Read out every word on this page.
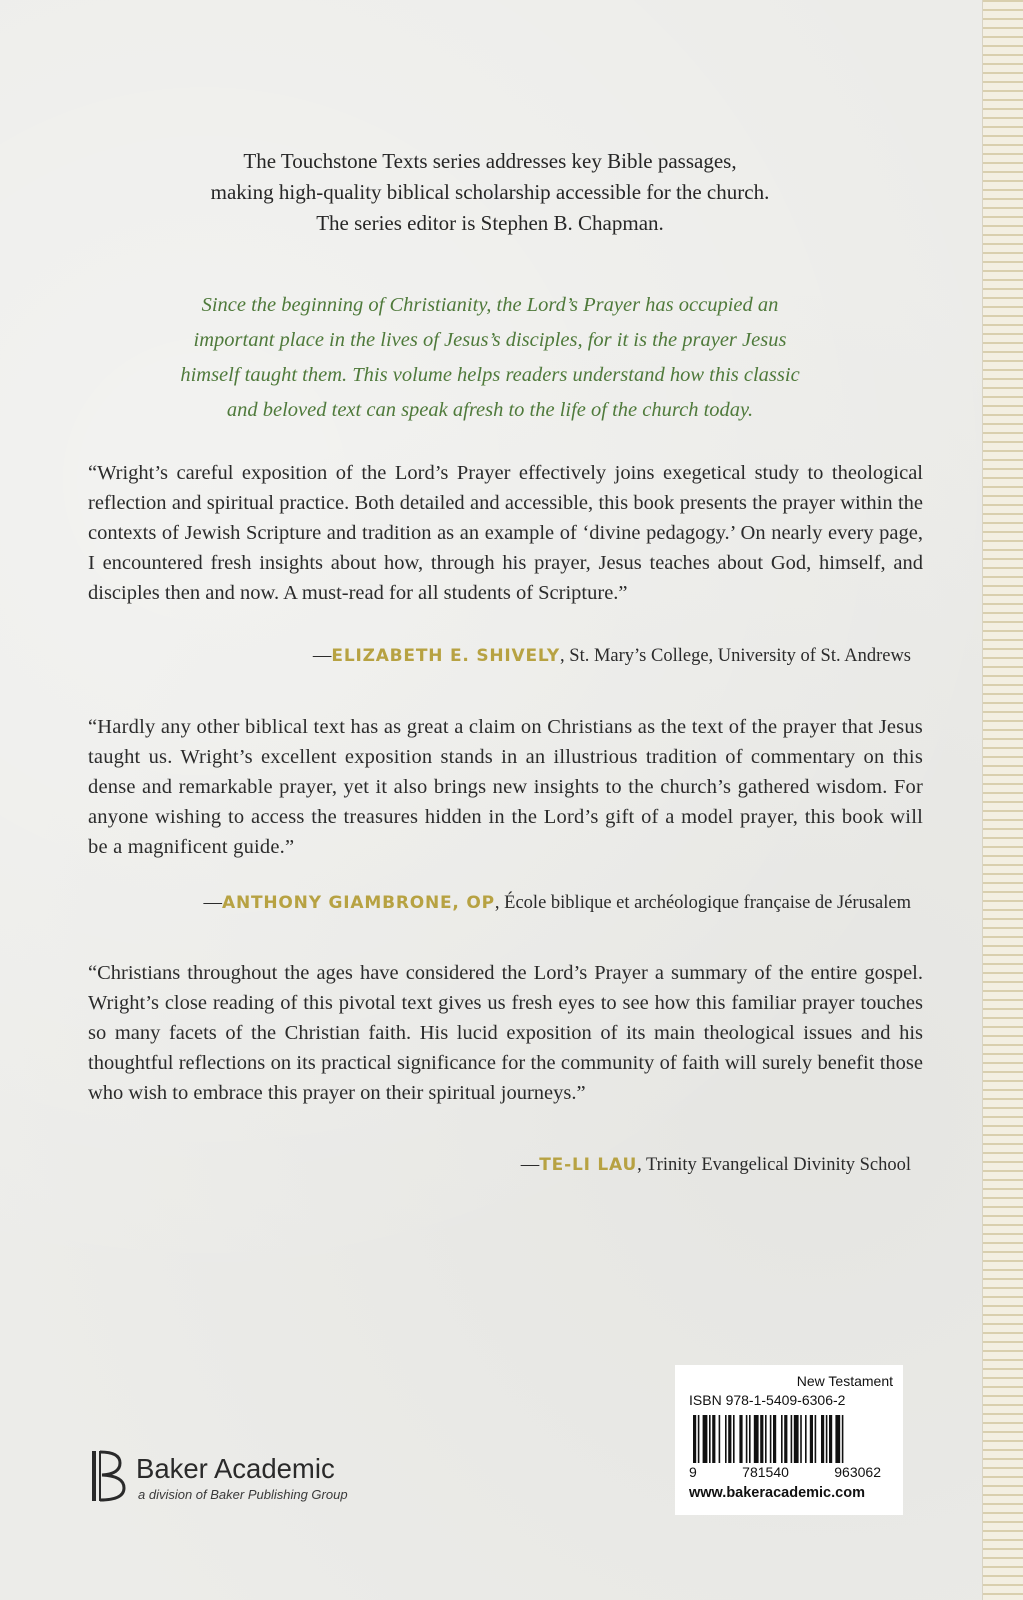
The Touchstone Texts series addresses key Bible passages,
making high-quality biblical scholarship accessible for the church.
The series editor is Stephen B. Chapman.
Since the beginning of Christianity, the Lord’s Prayer has occupied an
important place in the lives of Jesus’s disciples, for it is the prayer Jesus
himself taught them. This volume helps readers understand how this classic
and beloved text can speak afresh to the life of the church today.

“Wright’s careful exposition of the Lord’s Prayer effectively joins exegetical study to theological reflection and spiritual practice. Both detailed and accessible, this book presents the prayer within the contexts of Jewish Scripture and tradition as an example of ‘divine pedagogy.’ On nearly every page, I encountered fresh insights about how, through his prayer, Jesus teaches about God, himself, and disciples then and now. A must-read for all students of Scripture.”

—ELIZABETH E. SHIVELY, St. Mary’s College, University of St. Andrews

“Hardly any other biblical text has as great a claim on Christians as the text of the prayer that Jesus taught us. Wright’s excellent exposition stands in an illustrious tradition of commentary on this dense and remarkable prayer, yet it also brings new insights to the church’s gathered wisdom. For anyone wishing to access the treasures hidden in the Lord’s gift of a model prayer, this book will be a magnificent guide.”

—ANTHONY GIAMBRONE, OP, École biblique et archéologique française de Jérusalem

“Christians throughout the ages have considered the Lord’s Prayer a summary of the entire gospel. Wright’s close reading of this pivotal text gives us fresh eyes to see how this familiar prayer touches so many facets of the Christian faith. His lucid exposition of its main theological issues and his thoughtful reflections on its practical significance for the community of faith will surely benefit those who wish to embrace this prayer on their spiritual journeys.”

—TE-LI LAU, Trinity Evangelical Divinity School
Baker Academic
a division of Baker Publishing Group
New Testament
ISBN 978-1-5409-6306-2
9	781540	963062
www.bakeracademic.com
